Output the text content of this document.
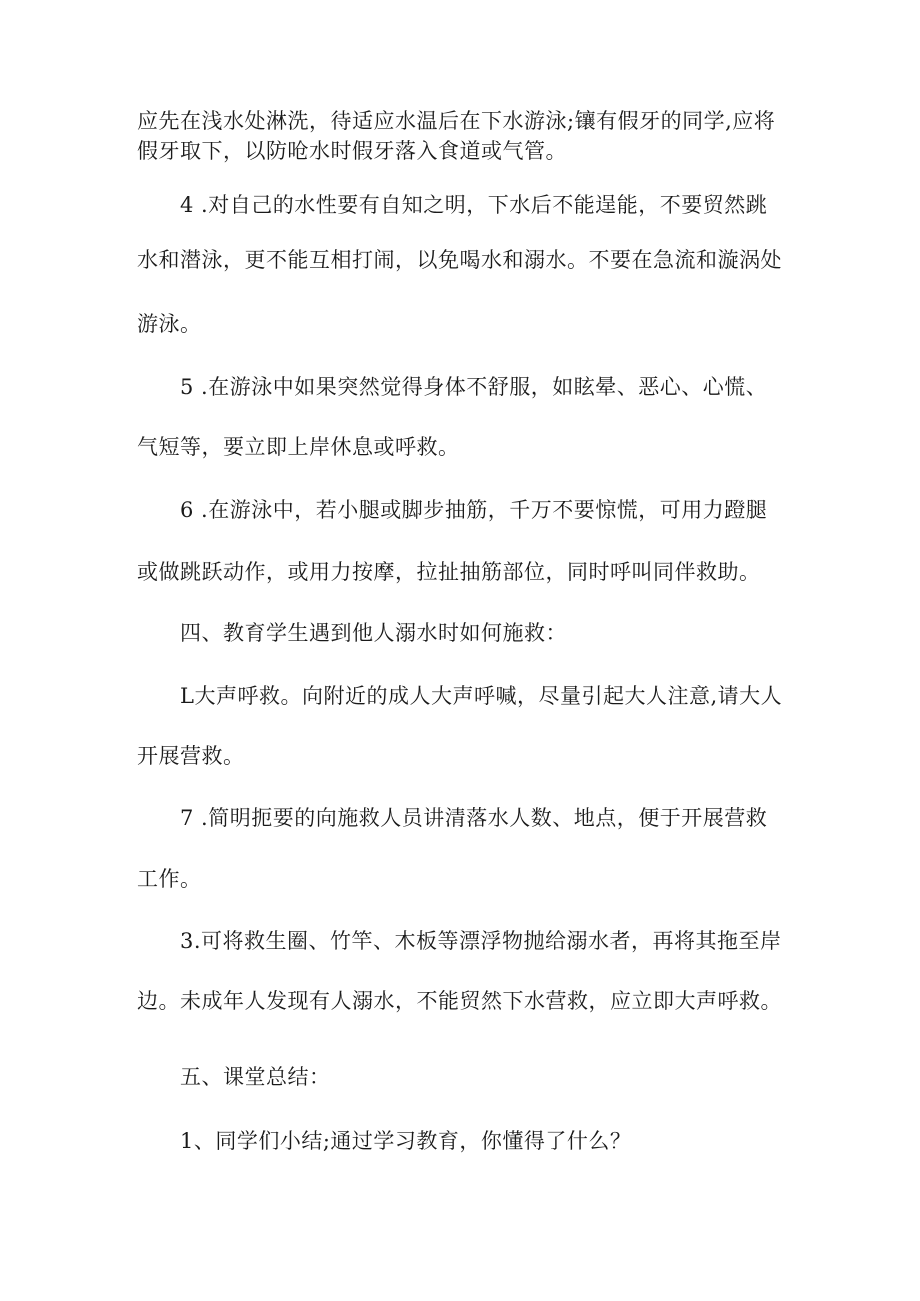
应先在浅水处淋洗，待适应水温后在下水游泳;镶有假牙的同学,应将
假牙取下，以防呛水时假牙落入食道或气管。
4 .对自己的水性要有自知之明，下水后不能逞能，不要贸然跳
水和潜泳，更不能互相打闹，以免喝水和溺水。不要在急流和漩涡处
游泳。
5 .在游泳中如果突然觉得身体不舒服，如眩晕、恶心、心慌、
气短等，要立即上岸休息或呼救。
6 .在游泳中，若小腿或脚步抽筋，千万不要惊慌，可用力蹬腿
或做跳跃动作，或用力按摩，拉扯抽筋部位，同时呼叫同伴救助。
四、教育学生遇到他人溺水时如何施救：
L大声呼救。向附近的成人大声呼喊，尽量引起大人注意,请大人
开展营救。
7 .简明扼要的向施救人员讲清落水人数、地点，便于开展营救
工作。
3.可将救生圈、竹竿、木板等漂浮物抛给溺水者，再将其拖至岸
边。未成年人发现有人溺水，不能贸然下水营救，应立即大声呼救。
五、课堂总结：
1、同学们小结;通过学习教育，你懂得了什么？
